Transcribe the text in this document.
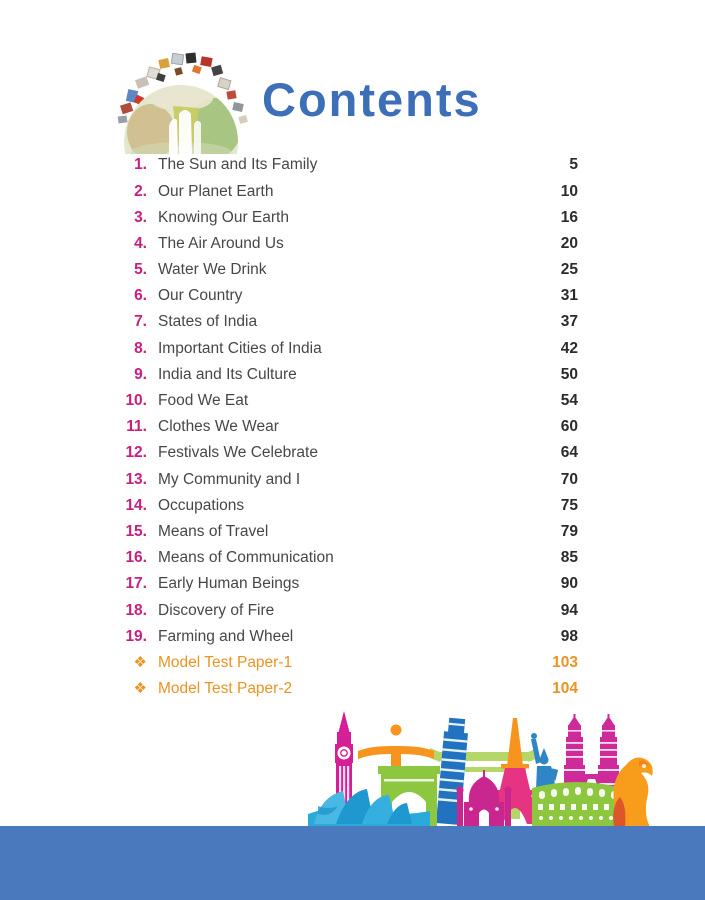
Contents
1. The Sun and Its Family	5
2. Our Planet Earth	10
3. Knowing Our Earth	16
4. The Air Around Us	20
5. Water We Drink	25
6. Our Country	31
7. States of India	37
8. Important Cities of India	42
9. India and Its Culture	50
10. Food We Eat	54
11. Clothes We Wear	60
12. Festivals We Celebrate	64
13. My Community and I	70
14. Occupations	75
15. Means of Travel	79
16. Means of Communication	85
17. Early Human Beings	90
18. Discovery of Fire	94
19. Farming and Wheel	98
❖ Model Test Paper-1	103
❖ Model Test Paper-2	104
